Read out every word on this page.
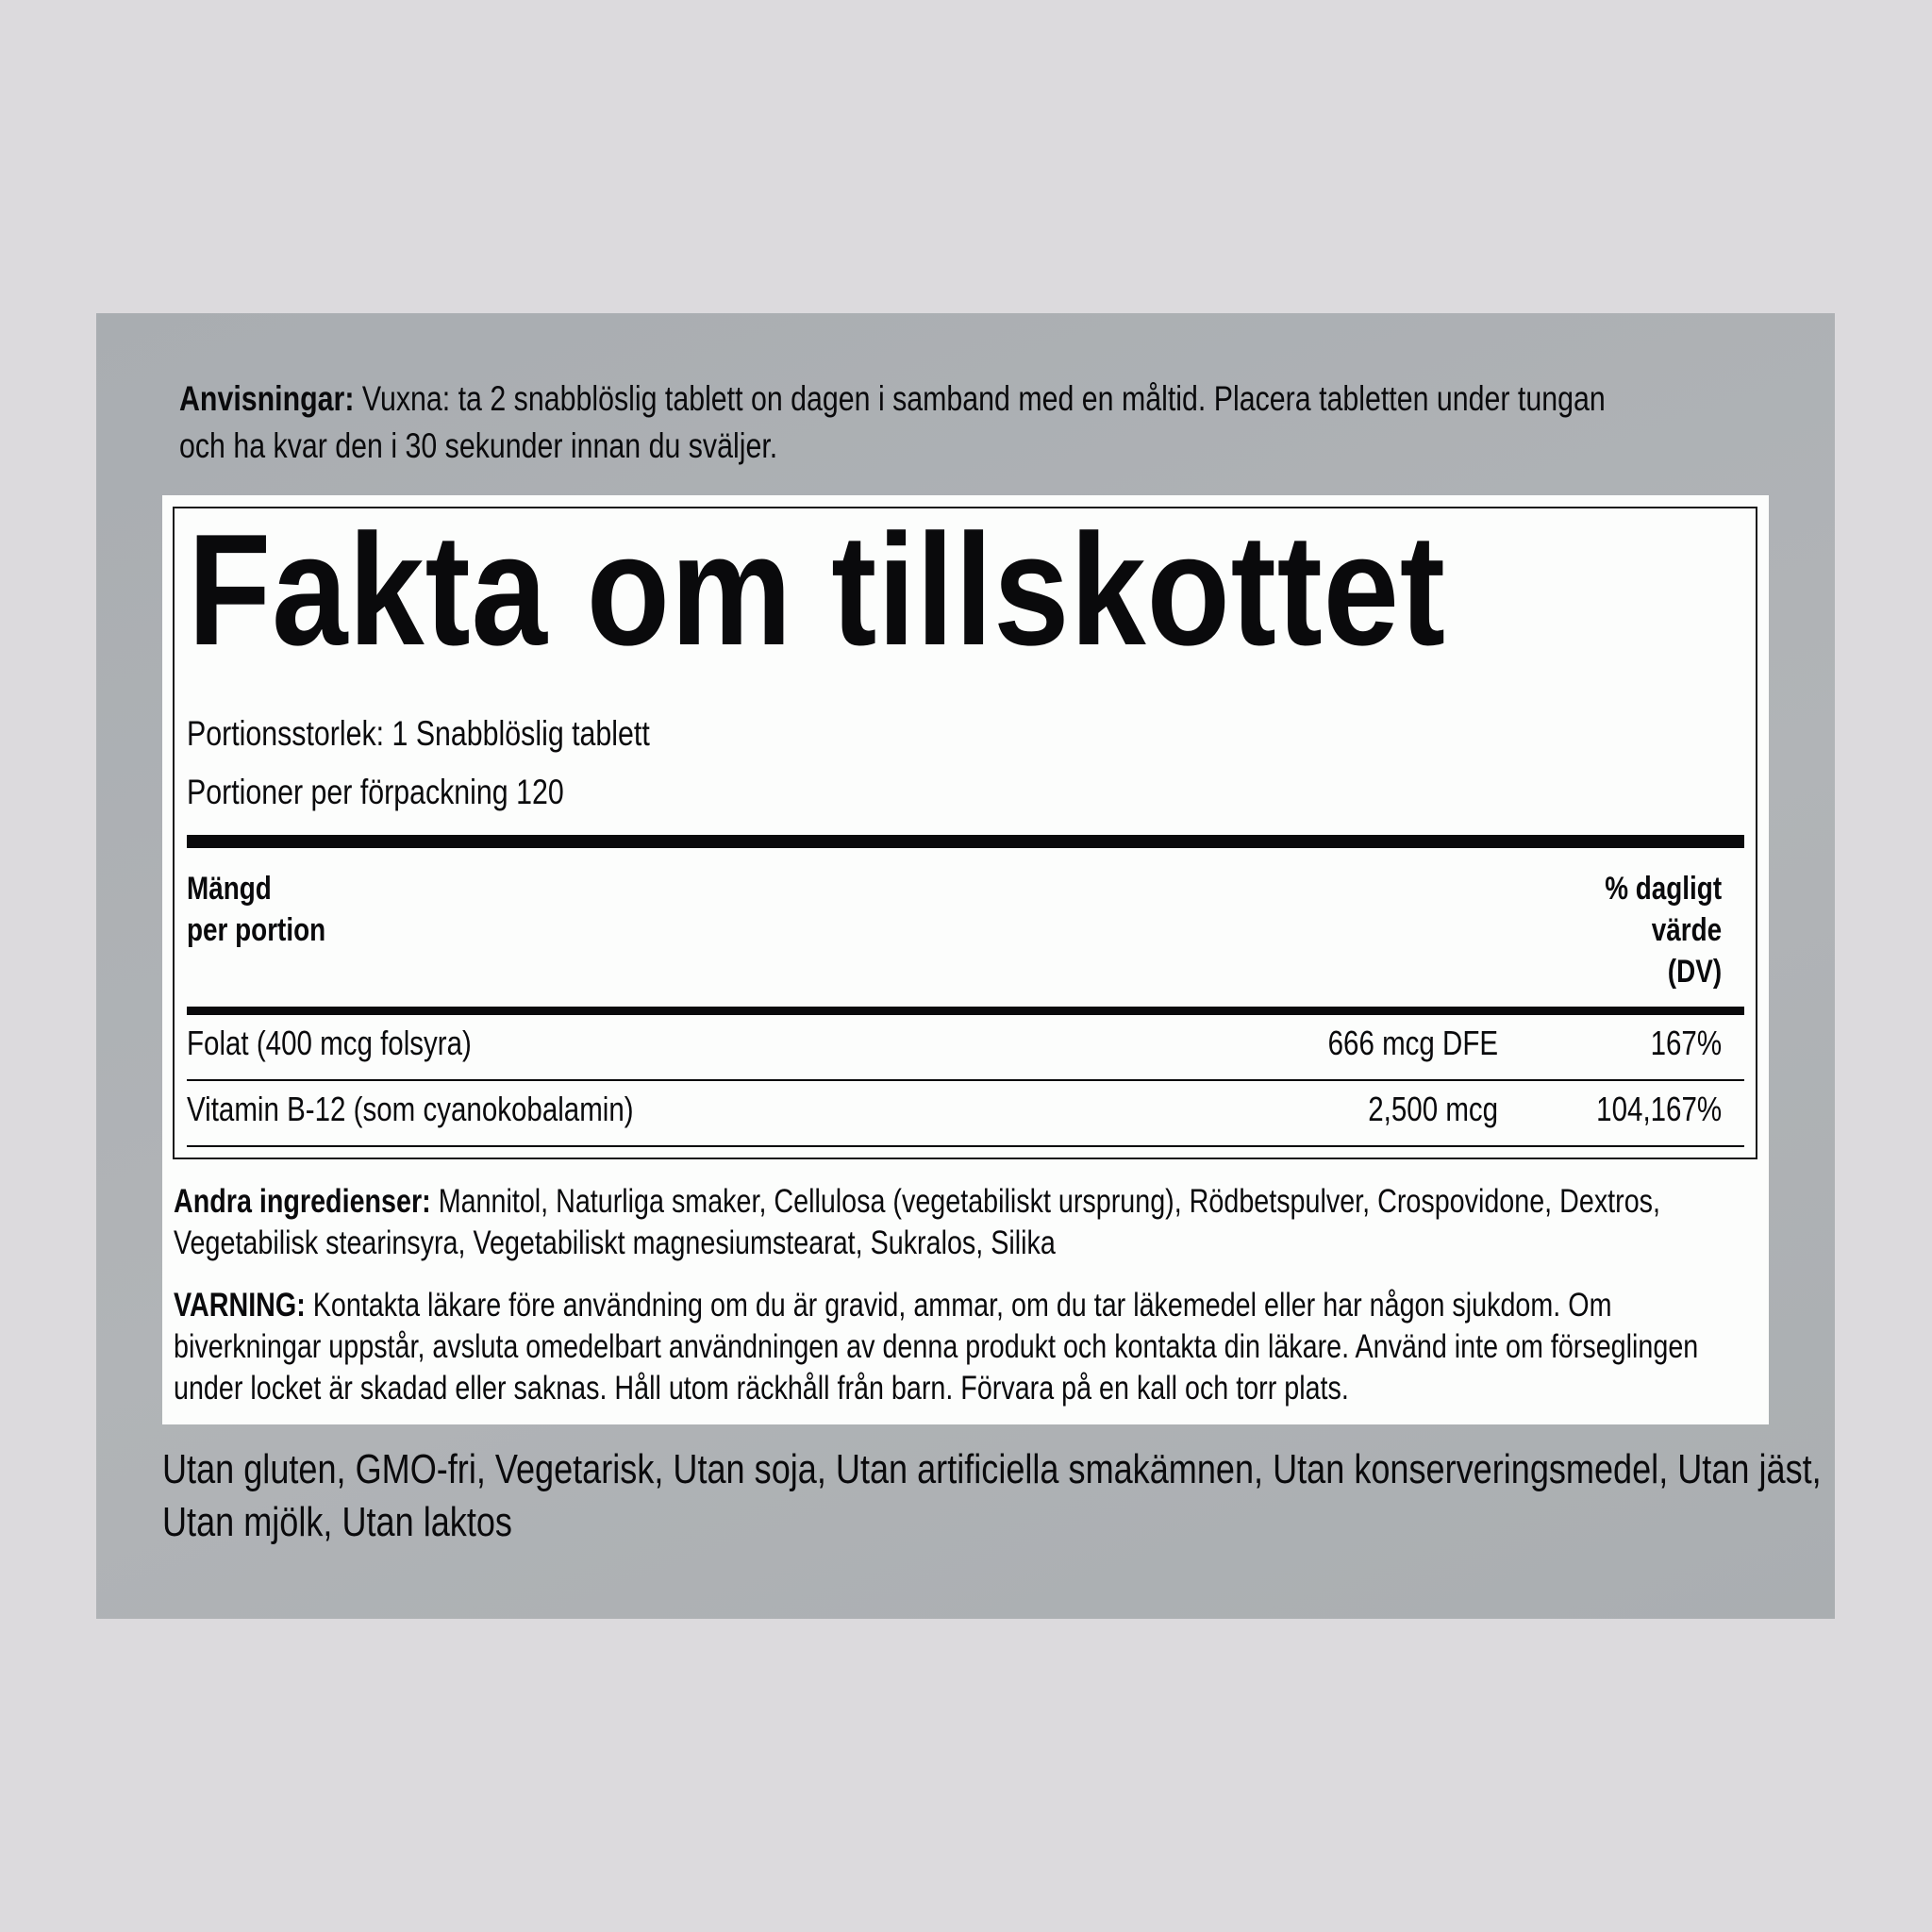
Anvisningar: Vuxna: ta 2 snabblöslig tablett on dagen i samband med en måltid. Placera tabletten under tungan och ha kvar den i 30 sekunder innan du sväljer.
Fakta om tillskottet
Portionsstorlek: 1 Snabblöslig tablett
Portioner per förpackning 120
Mängd
per portion
% dagligt
värde
(DV)
Folat (400 mcg folsyra)	666 mcg DFE	167%
Vitamin B-12 (som cyanokobalamin)	2,500 mcg	104,167%
Andra ingredienser: Mannitol, Naturliga smaker, Cellulosa (vegetabiliskt ursprung), Rödbetspulver, Crospovidone, Dextros, Vegetabilisk stearinsyra, Vegetabiliskt magnesiumstearat, Sukralos, Silika
VARNING: Kontakta läkare före användning om du är gravid, ammar, om du tar läkemedel eller har någon sjukdom. Om biverkningar uppstår, avsluta omedelbart användningen av denna produkt och kontakta din läkare. Använd inte om förseglingen under locket är skadad eller saknas. Håll utom räckhåll från barn. Förvara på en kall och torr plats.
Utan gluten, GMO-fri, Vegetarisk, Utan soja, Utan artificiella smakämnen, Utan konserveringsmedel, Utan jäst, Utan mjölk, Utan laktos
